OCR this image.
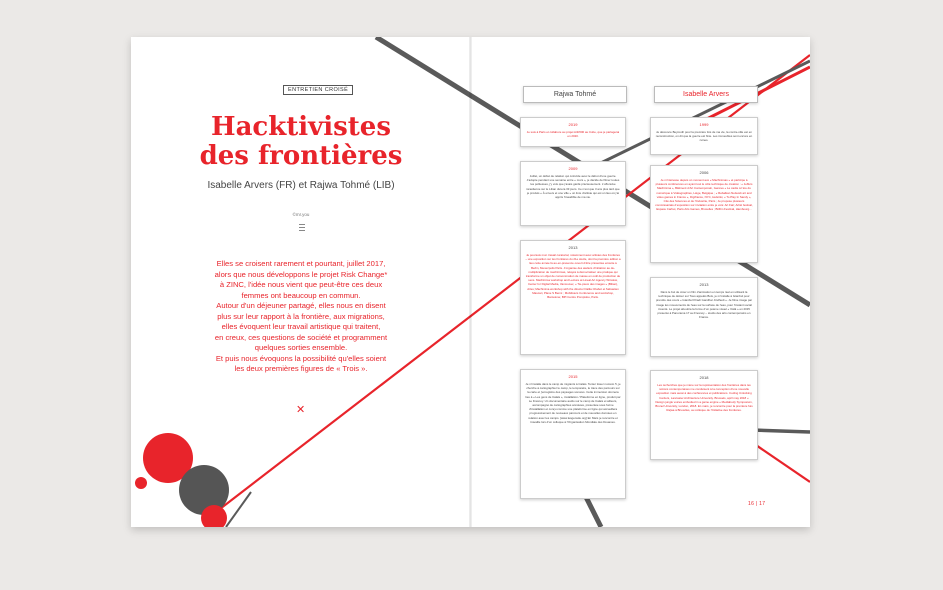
ENTRETIEN CROISÉ
Hacktivistes
des frontières
Isabelle Arvers (FR) et Rajwa Tohmé (LIB)
©mr.you

Elles se croisent rarement et pourtant, juillet 2017,
alors que nous développons le projet Risk Change*
à ZINC, l'idée nous vient que peut-être ces deux
femmes ont beaucoup en commun.
Autour d'un déjeuner partagé, elles nous en disent
plus sur leur rapport à la frontière, aux migrations,
elles évoquent leur travail artistique qui traitent,
en creux, ces questions de société et programment
quelques sorties ensemble.
Et puis nous évoquons la possibilité qu'elles soient
les deux premières figures de « Trois ».

✕
Rajwa Tohmé	Isabelle Arvers
2019
Je suis à Paris et collabore au projet A/Z/000 au Cube, que je partagerai en 2020.
2009
Juillet, un début de relation qui coïncide avec le début d'une guerre. J'adopte pendant une semaine entre « murs », je décide de filmer toutes les politesses, j'y vois que j'avais gardé précieusement. L'offensive israélienne sur le Liban durera 33 jours. Ce n'est que 3 ans plus tard que je produis « À envers et une ville » un livre d'artiste qui est un lieu où j'ai appris l'inaudible de ma vie.
2013
Je poursuis mon travail curatorial, notamment avec artistes des frontières – une exposition sur les frontières du 21e siècle, dont la première édition a lieu cette année là au-en-presence ouvert d'être présentée ensuite à Berlin, Menezpolis Paris. J'organise des ateliers d'initiation au de-multiplication de machinimas, relayés à démocratiser une pratique qui transforme un objet de consommation de masse en outil de production de sens. Machinima workshop and Lecture at Lineal Art Agency Winslow, Center for Digital Media, Vancouver, « Tie-pieux des images » (Biban), Arles; Machinima workshop with the director Dalila Chabot et Sébastien Mascari, Plane S Benni ; Mobilisiers Conference and workshop, Barcelone; BPI Centre Pompidou, Paris.
2015
Je m'installe dans le camp de migrants à Calais. Tenter tisser numéro 5, je cherche à cartographier le camp, le temporaire, le trace des parcours sur la carte et j'enregistre des paysages sonores. Cette immersion donnera lieu à « Les gens de Calais », installation / Plateforme en ligne, produit par Le Fresnoy. Un documentaire audio sur le camp de Calais et ailleurs, accompagné de cartographies annotées, présentée sous forme d'installation et conçu comme une plateforme en ligne qui accueillera progressivement de nouveaux parcours et de nouvelles données en relation avec les camps. [www.lesgensde.org] En Mars je rencontre et travaille lors d'un colloque à l'Organisation Mondiale des Douanes.
1999
Je découvre Beyrouth pour la première fois de ma vie, la contre-ville est en reconstruction, on dit que la guerre est finie. Les immeubles sont encore en ruines.
2006
Je m'intéresse depuis un moment aux « Machinimas » et participe à plusieurs conférences en ayant tout le côté technique de création : « Jeffers Machinima », Bâtiment d'Art Contemporain, Genève « Le cadre à l'ère du numérique à Vidéographies, Liège, Belgique ; « Rebalkan Network art and video games in France », Digifrance, NYC, Helsinki, « To Play In Sandy », Cité des Sciences et de l'Industrie, Paris ; Je propose plusieurs commissariats d'exposition sur invitation entre je vois: Art Fair; Artist festival, Espace Carbet, Paris Arts Games, Bruxelles ; Bitfilm Festival, Hambourg...
2013
Dans le but de créer un film d'animation en temps réel en utilisant la technique de détour sur Tous appelés Bois, je m'installe à Istanbul pour prendre des cours « Istanbul Khadi Gandhar Jindhedi ». Je filme image par image les mouvements de l'eau sur la surface de l'eau, pour l'instant social inventé. Le projet aboutira la forme d'un poème visuel « Voilà » en 2015 présenté à Panorama 17 au Fresnoy – studio des arts contemporains en France.
2018
Les recherches que je mène sur la représentation des frontières dans les notions contemporaines me conduisent à la conception d'une nouvelle exposition mais aussi à des conférences et publications. Coding Unlocking borders, Lancaster Architecture University. Brussels, april may 2018 « Design jungle voices embodied in a game engine » Mediabody Symposium, Brunel University, London, 2018. En mars, je rencontre pour la première fois Rajwa à Bruxelles, au colloque de l'Initiative des frontières.
16 | 17
